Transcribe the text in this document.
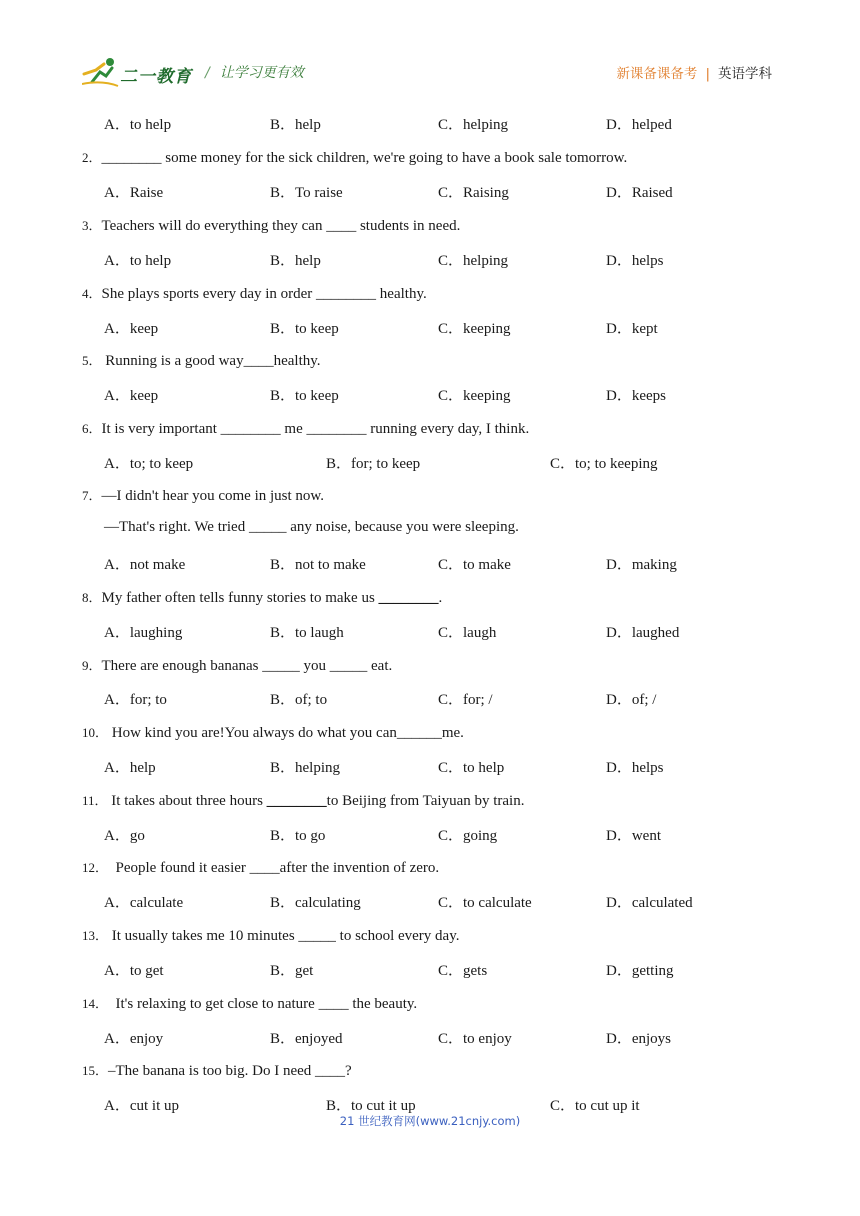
二一教育 / 让学习更有效	新课备课备考 | 英语学科
A．to help	B．help	C．helping	D．helped
2．________ some money for the sick children, we're going to have a book sale tomorrow.
A．Raise	B．To raise	C．Raising	D．Raised
3．Teachers will do everything they can ____ students in need.
A．to help	B．help	C．helping	D．helps
4．She plays sports every day in order ________ healthy.
A．keep	B．to keep	C．keeping	D．kept
5． Running is a good way____healthy.
A．keep	B．to keep	C．keeping	D．keeps
6．It is very important ________ me ________ running every day, I think.
A．to; to keep	B．for; to keep	C．to; to keeping
7．—I didn't hear you come in just now.
—That's right. We tried _____ any noise, because you were sleeping.
A．not make	B．not to make	C．to make	D．making
8．My father often tells funny stories to make us ________.
A．laughing	B．to laugh	C．laugh	D．laughed
9．There are enough bananas _____ you _____ eat.
A．for; to	B．of; to	C．for; /	D．of; /
10． How kind you are!You always do what you can______me.
A．help	B．helping	C．to help	D．helps
11． It takes about three hours ________to Beijing from Taiyuan by train.
A．go	B．to go	C．going	D．went
12．  People found it easier ____after the invention of zero.
A．calculate	B．calculating	C．to calculate	D．calculated
13． It usually takes me 10 minutes _____ to school every day.
A．to get	B．get	C．gets	D．getting
14．  It's relaxing to get close to nature ____ the beauty.
A．enjoy	B．enjoyed	C．to enjoy	D．enjoys
15．–The banana is too big. Do I need ____?
A．cut it up	B．to cut it up	C．to cut up it
21 世纪教育网(www.21cnjy.com)
